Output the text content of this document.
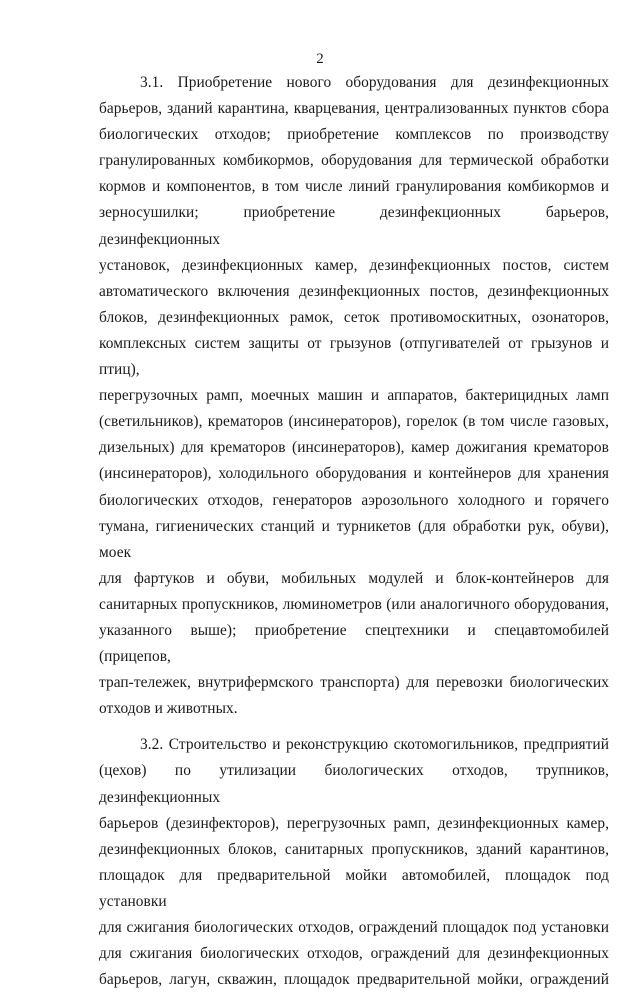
2

3.1. Приобретение нового оборудования для дезинфекционных
барьеров, зданий карантина, кварцевания, централизованных пунктов сбора
биологических отходов; приобретение комплексов по производству
гранулированных комбикормов, оборудования для термической обработки
кормов и компонентов, в том числе линий гранулирования комбикормов и
зерносушилки; приобретение дезинфекционных барьеров, дезинфекционных
установок, дезинфекционных камер, дезинфекционных постов, систем
автоматического включения дезинфекционных постов, дезинфекционных
блоков, дезинфекционных рамок, сеток противомоскитных, озонаторов,
комплексных систем защиты от грызунов (отпугивателей от грызунов и птиц),
перегрузочных рамп, моечных машин и аппаратов, бактерицидных ламп
(светильников), крематоров (инсинераторов), горелок (в том числе газовых,
дизельных) для крематоров (инсинераторов), камер дожигания крематоров
(инсинераторов), холодильного оборудования и контейнеров для хранения
биологических отходов, генераторов аэрозольного холодного и горячего
тумана, гигиенических станций и турникетов (для обработки рук, обуви), моек
для фартуков и обуви, мобильных модулей и блок-контейнеров для
санитарных пропускников, люминометров (или аналогичного оборудования,
указанного выше); приобретение спецтехники и спецавтомобилей (прицепов,
трап-тележек, внутрифермского транспорта) для перевозки биологических
отходов и животных.

3.2. Строительство и реконструкцию скотомогильников, предприятий
(цехов) по утилизации биологических отходов, трупников, дезинфекционных
барьеров (дезинфекторов), перегрузочных рамп, дезинфекционных камер,
дезинфекционных блоков, санитарных пропускников, зданий карантинов,
площадок для предварительной мойки автомобилей, площадок под установки
для сжигания биологических отходов, ограждений площадок под установки
для сжигания биологических отходов, ограждений для дезинфекционных
барьеров, лагун, скважин, площадок предварительной мойки, ограждений
